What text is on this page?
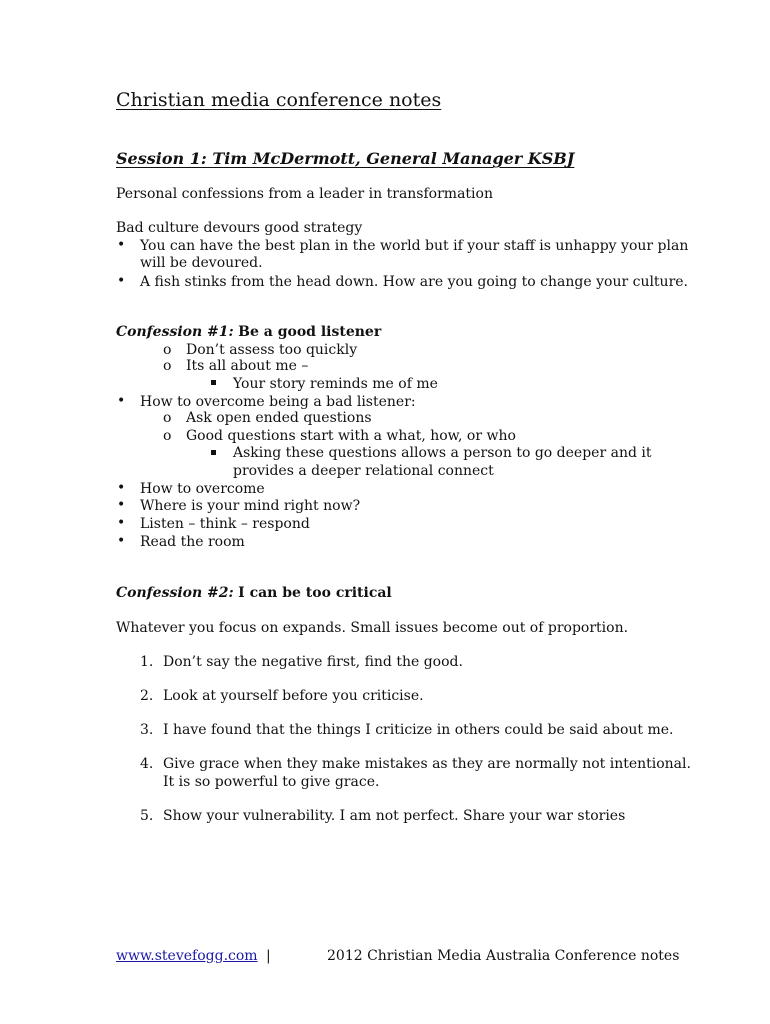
Christian media conference notes
Session 1: Tim McDermott, General Manager KSBJ
Personal confessions from a leader in transformation
Bad culture devours good strategy
• You can have the best plan in the world but if your staff is unhappy your plan
will be devoured.
• A fish stinks from the head down. How are you going to change your culture.
Confession #1: Be a good listener
o Don’t assess too quickly
o Its all about me –
Your story reminds me of me
• How to overcome being a bad listener:
o Ask open ended questions
o Good questions start with a what, how, or who
Asking these questions allows a person to go deeper and it
provides a deeper relational connect
• How to overcome
• Where is your mind right now?
• Listen – think – respond
• Read the room
Confession #2: I can be too critical
Whatever you focus on expands. Small issues become out of proportion.
1. Don’t say the negative first, find the good.
2. Look at yourself before you criticise.
3. I have found that the things I criticize in others could be said about me.
4. Give grace when they make mistakes as they are normally not intentional.
It is so powerful to give grace.
5. Show your vulnerability. I am not perfect. Share your war stories
www.stevefogg.com |	2012 Christian Media Australia Conference notes
